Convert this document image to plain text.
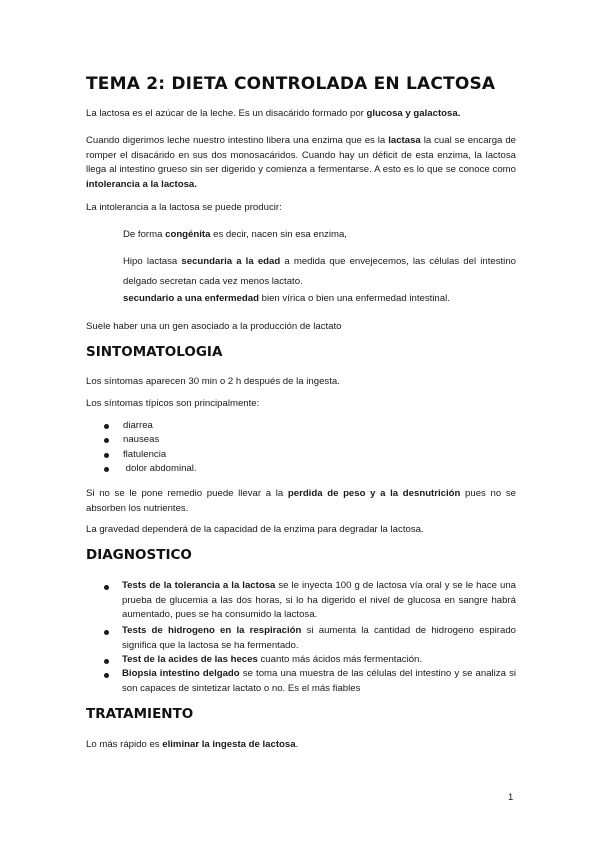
TEMA 2: DIETA CONTROLADA EN LACTOSA

La lactosa es el azúcar de la leche. Es un disacárido formado por glucosa y galactosa.

Cuando digerimos leche nuestro intestino libera una enzima que es la lactasa la cual se encarga de romper el disacárido en sus dos monosacáridos. Cuando hay un déficit de esta enzima, la lactosa llega al intestino grueso sin ser digerido y comienza a fermentarse. A esto es lo que se conoce como intolerancia a la lactosa.

La intolerancia a la lactosa se puede producir:

De forma congénita es decir, nacen sin esa enzima,
Hipo lactasa secundaria a la edad a medida que envejecemos, las células del intestino delgado secretan cada vez menos lactato.
secundario a una enfermedad bien vírica o bien una enfermedad intestinal.

Suele haber una un gen asociado a la producción de lactato

SINTOMATOLOGIA

Los síntomas aparecen 30 min o 2 h después de la ingesta.

Los síntomas típicos son principalmente:

diarrea
nauseas
flatulencia
dolor abdominal.

Si no se le pone remedio puede llevar a la perdida de peso y a la desnutrición pues no se absorben los nutrientes.

La gravedad dependerá de la capacidad de la enzima para degradar la lactosa.

DIAGNOSTICO
Tests de la tolerancia a la lactosa se le inyecta 100 g de lactosa vía oral y se le hace una prueba de glucemia a las dos horas, si lo ha digerido el nivel de glucosa en sangre habrá aumentado, pues se ha consumido la lactosa.
Tests de hidrogeno en la respiración si aumenta la cantidad de hidrogeno espirado significa que la lactosa se ha fermentado.
Test de la acides de las heces cuanto más ácidos más fermentación.
Biopsia intestino delgado se toma una muestra de las células del intestino y se analiza si son capaces de sintetizar lactato o no. Es el más fiables
TRATAMIENTO

Lo más rápido es eliminar la ingesta de lactosa.

1
